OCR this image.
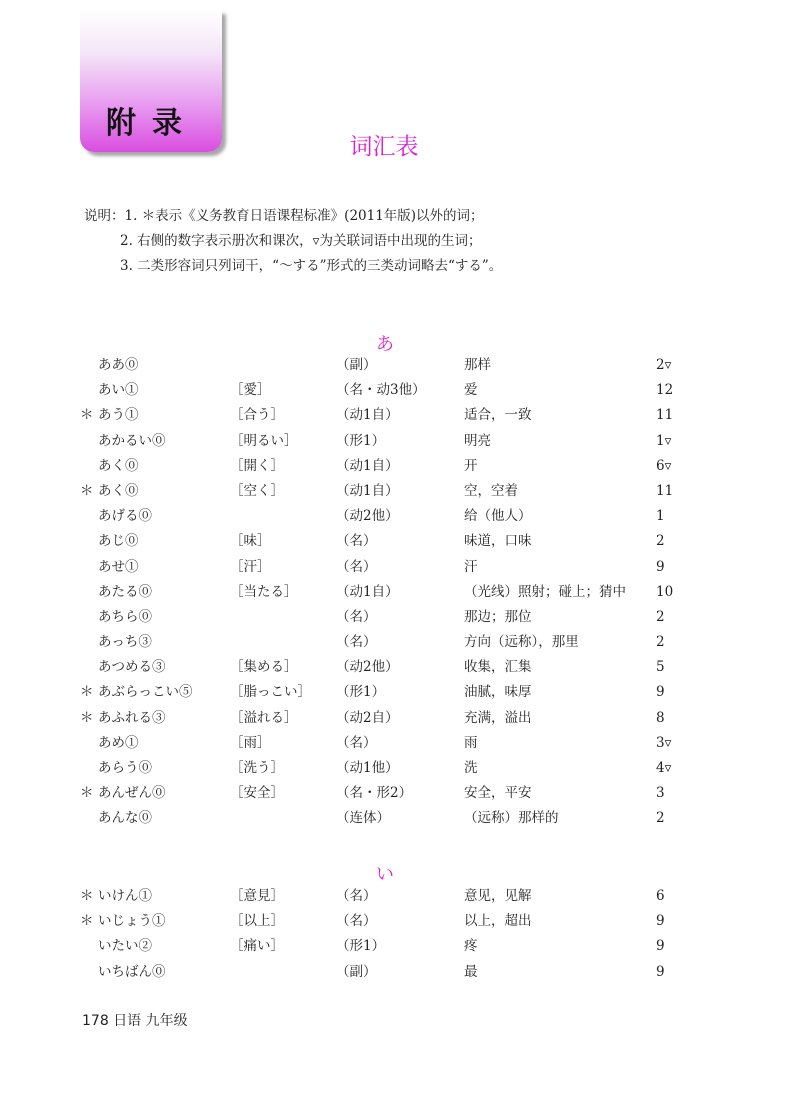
附录
词汇表
说明：1. ＊表示《义务教育日语课程标准》(2011年版)以外的词；
2. 右侧的数字表示册次和课次，▿为关联词语中出现的生词；
3. 二类形容词只列词干，“～する”形式的三类动词略去“する”。
あ
ああ⓪	（副）	那样	2▿
あい①	［愛］	（名・动3他）	爱	12
＊ あう①	［合う］	（动1自）	适合，一致	11
あかるい⓪	［明るい］	（形1）	明亮	1▿
あく⓪	［開く］	（动1自）	开	6▿
＊ あく⓪	［空く］	（动1自）	空，空着	11
あげる⓪	（动2他）	给（他人）	1
あじ⓪	［味］	（名）	味道，口味	2
あせ①	［汗］	（名）	汗	9
あたる⓪	［当たる］	（动1自）	（光线）照射；碰上；猜中 10
あちら⓪	（名）	那边；那位	2
あっち③	（名）	方向（远称），那里	2
あつめる③	［集める］	（动2他）	收集，汇集	5
＊ あぶらっこい⑤	［脂っこい］ （形1）	油腻，味厚	9
＊ あふれる③	［溢れる］	（动2自）	充满，溢出	8
あめ①	［雨］	（名）	雨	3▿
あらう⓪	［洗う］	（动1他）	洗	4▿
＊ あんぜん⓪	［安全］	（名・形2）	安全，平安	3
あんな⓪	（连体）	（远称）那样的	2
い
＊ いけん①	［意見］	（名）	意见，见解	6
＊ いじょう①	［以上］	（名）	以上，超出	9
いたい②	［痛い］	（形1）	疼	9
いちばん⓪	（副）	最	9
178 日语 九年级
